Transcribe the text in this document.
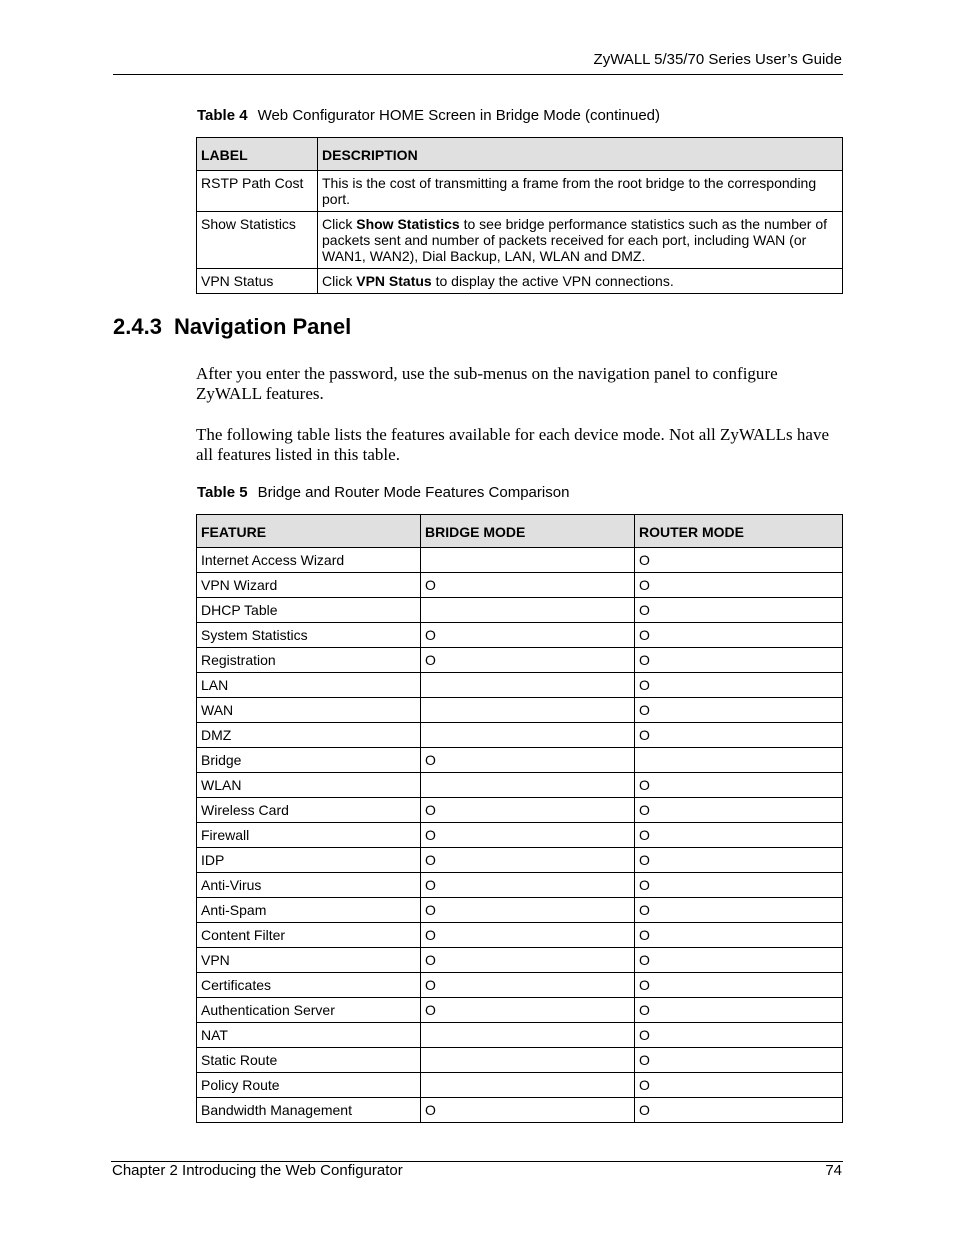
ZyWALL 5/35/70 Series User’s Guide
Table 4 Web Configurator HOME Screen in Bridge Mode (continued)
LABEL	DESCRIPTION
RSTP Path Cost	This is the cost of transmitting a frame from the root bridge to the corresponding port.
Show Statistics	Click Show Statistics to see bridge performance statistics such as the number of packets sent and number of packets received for each port, including WAN (or WAN1, WAN2), Dial Backup, LAN, WLAN and DMZ.
VPN Status	Click VPN Status to display the active VPN connections.
2.4.3 Navigation Panel
After you enter the password, use the sub-menus on the navigation panel to configure ZyWALL features.
The following table lists the features available for each device mode. Not all ZyWALLs have all features listed in this table.
Table 5 Bridge and Router Mode Features Comparison
FEATURE	BRIDGE MODE	ROUTER MODE
Internet Access Wizard		O
VPN Wizard	O	O
DHCP Table		O
System Statistics	O	O
Registration	O	O
LAN		O
WAN		O
DMZ		O
Bridge	O	
WLAN		O
Wireless Card	O	O
Firewall	O	O
IDP	O	O
Anti-Virus	O	O
Anti-Spam	O	O
Content Filter	O	O
VPN	O	O
Certificates	O	O
Authentication Server	O	O
NAT		O
Static Route		O
Policy Route		O
Bandwidth Management	O	O
Chapter 2 Introducing the Web Configurator	74
